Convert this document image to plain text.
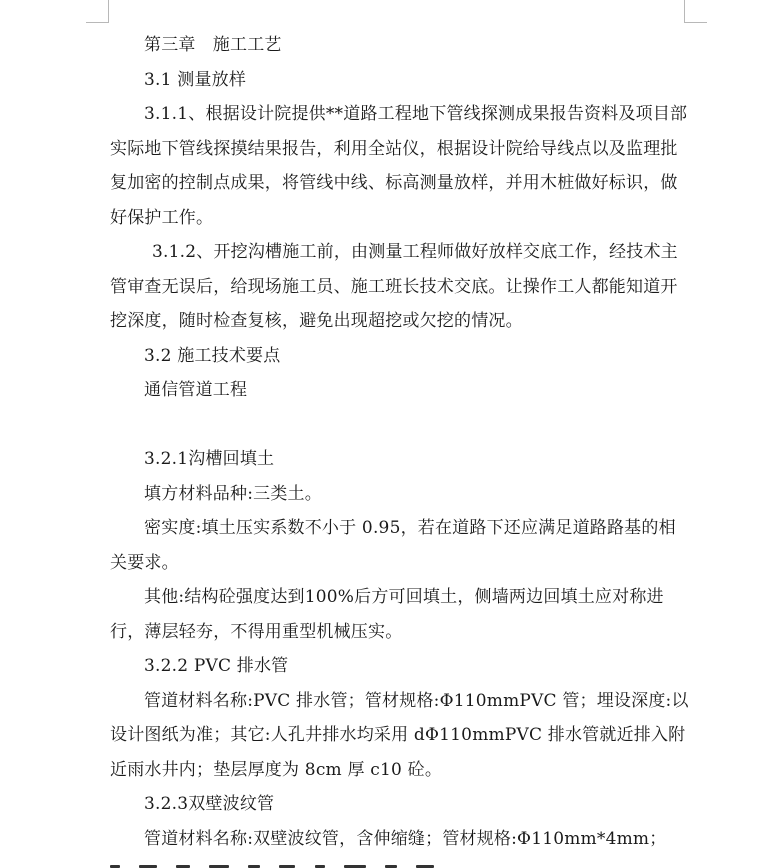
第三章　施工工艺

3.1 测量放样

3.1.1、根据设计院提供**道路工程地下管线探测成果报告资料及项目部实际地下管线探摸结果报告，利用全站仪，根据设计院给导线点以及监理批复加密的控制点成果，将管线中线、标高测量放样，并用木桩做好标识，做好保护工作。

3.1.2、开挖沟槽施工前，由测量工程师做好放样交底工作，经技术主管审查无误后，给现场施工员、施工班长技术交底。让操作工人都能知道开挖深度，随时检查复核，避免出现超挖或欠挖的情况。

3.2 施工技术要点

通信管道工程

3.2.1沟槽回填土

填方材料品种:三类土。

密实度:填土压实系数不小于 0.95，若在道路下还应满足道路路基的相关要求。

其他:结构砼强度达到100%后方可回填土，侧墙两边回填土应对称进行，薄层轻夯，不得用重型机械压实。

3.2.2 PVC 排水管

管道材料名称:PVC 排水管；管材规格:Φ110mmPVC 管；埋设深度:以设计图纸为准；其它:人孔井排水均采用 dΦ110mmPVC 排水管就近排入附近雨水井内；垫层厚度为 8cm 厚 c10 砼。

3.2.3双壁波纹管

管道材料名称:双壁波纹管，含伸缩缝；管材规格:Φ110mm*4mm；
